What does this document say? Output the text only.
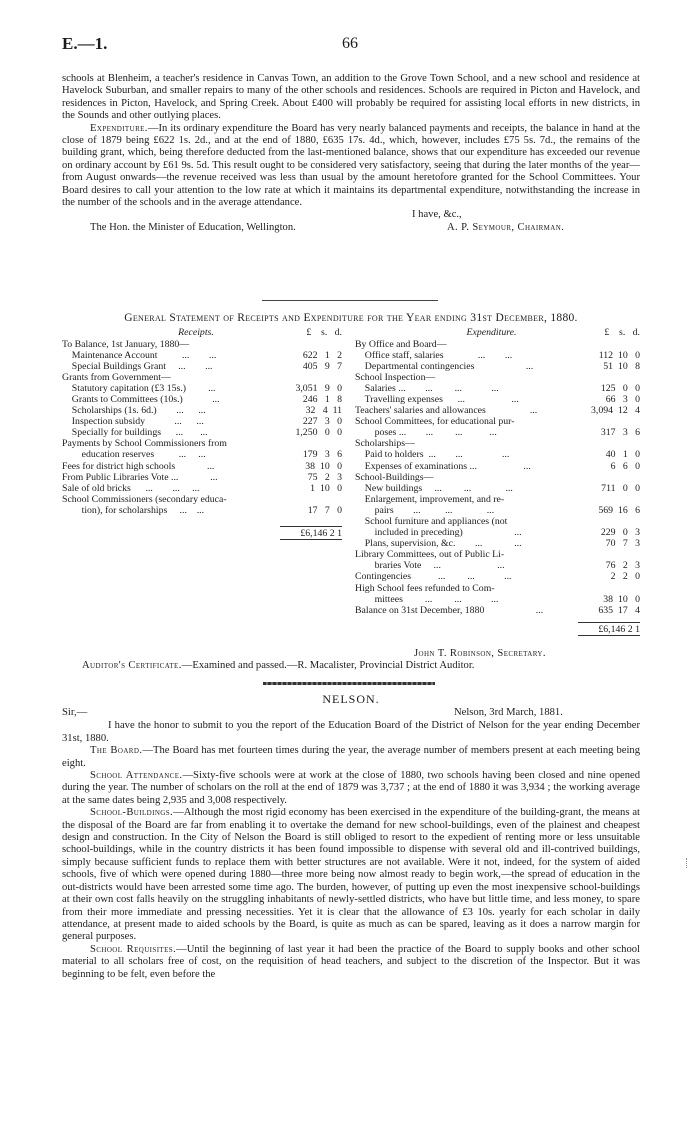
E.—1.	66

schools at Blenheim, a teacher's residence in Canvas Town, an addition to the Grove Town School, and a new school and residence at Havelock Suburban, and smaller repairs to many of the other schools and residences. Schools are required in Picton and Havelock, and residences in Picton, Havelock, and Spring Creek. About £400 will probably be required for assisting local efforts in new districts, in the Sounds and other outlying places.

Expenditure.—In its ordinary expenditure the Board has very nearly balanced payments and receipts, the balance in hand at the close of 1879 being £622 1s. 2d., and at the end of 1880, £635 17s. 4d., which, however, includes £75 5s. 7d., the remains of the building grant, which, being therefore deducted from the last-mentioned balance, shows that our expenditure has exceeded our revenue on ordinary account by £61 9s. 5d. This result ought to be considered very satisfactory, seeing that during the later months of the year—from August onwards—the revenue received was less than usual by the amount heretofore granted for the School Committees. Your Board desires to call your attention to the low rate at which it maintains its departmental expenditure, notwithstanding the increase in the number of the schools and in the average attendance.

I have, &c.,
The Hon. the Minister of Education, Wellington.	A. P. Seymour, Chairman.
General Statement of Receipts and Expenditure for the Year ending 31st December, 1880.
Receipts.	£    s.   d.
To Balance, 1st January, 1880—
Maintenance Account          ...        ...	622   1   2
Special Buildings Grant     ...        ...	405   9   7
Grants from Government—
Statutory capitation (£3 15s.)         ...	3,051   9   0
Grants to Committees (10s.)            ...	246   1   8
Scholarships (1s. 6d.)        ...      ...	32   4  11
Inspection subsidy            ...      ...	227   3   0
Specially for buildings      ...       ...	1,250   0   0
Payments by School Commissioners from
education reserves          ...     ...	179   3   6
Fees for district high schools             ...	38  10   0
From Public Libraries Vote ...             ...	75   2   3
Sale of old bricks      ...        ...     ...	1  10   0
School Commissioners (secondary educa-
tion), for scholarships     ...    ...	17   7   0
£6,146 2 1
Expenditure.	£    s.   d.
By Office and Board—
Office staff, salaries              ...        ...	112  10   0
Departmental contingencies                     ...	51  10   8
School Inspection—
Salaries ...        ...         ...            ...	125   0   0
Travelling expenses      ...                   ...	66   3   0
Teachers' salaries and allowances                  ...	3,094  12   4
School Committees, for educational pur-
poses ...        ...         ...           ...	317   3   6
Scholarships—
Paid to holders  ...        ...                ...	40   1   0
Expenses of examinations ...                   ...	6   6   0
School-Buildings—
New buildings     ...         ...              ...	711   0   0
Enlargement, improvement, and re-
pairs        ...          ...              ...	569  16   6
School furniture and appliances (not
included in preceding)                     ...	229   0   3
Plans, supervision, &c.        ...             ...	70   7   3
Library Committees, out of Public Li-
braries Vote     ...                       ...	76   2   3
Contingencies           ...         ...            ...	2   2   0
High School fees refunded to Com-
mittees         ...         ...            ...	38  10   0
Balance on 31st December, 1880                     ...	635  17   4
£6,146 2 1
John T. Robinson, Secretary.
Auditor's Certificate.—Examined and passed.—R. Macalister, Provincial District Auditor.
NELSON.
Sir,—	Nelson, 3rd March, 1881.

I have the honor to submit to you the report of the Education Board of the District of Nelson for the year ending December 31st, 1880.

The Board.—The Board has met fourteen times during the year, the average number of members present at each meeting being eight.

School Attendance.—Sixty-five schools were at work at the close of 1880, two schools having been closed and nine opened during the year. The number of scholars on the roll at the end of 1879 was 3,737 ; at the end of 1880 it was 3,934 ; the working average at the same dates being 2,935 and 3,008 respectively.

School-Buildings.—Although the most rigid economy has been exercised in the expenditure of the building-grant, the means at the disposal of the Board are far from enabling it to overtake the demand for new school-buildings, even of the plainest and cheapest design and construction. In the City of Nelson the Board is still obliged to resort to the expedient of renting more or less unsuitable school-buildings, while in the country districts it has been found impossible to dispense with several old and ill-contrived buildings, simply because sufficient funds to replace them with better structures are not available. Were it not, indeed, for the system of aided schools, five of which were opened during 1880—three more being now almost ready to begin work,—the spread of education in the out-districts would have been arrested some time ago. The burden, however, of putting up even the most inexpensive school-buildings at their own cost falls heavily on the struggling inhabitants of newly-settled districts, who have but little time, and less money, to spare from their more immediate and pressing necessities. Yet it is clear that the allowance of £3 10s. yearly for each scholar in daily attendance, at present made to aided schools by the Board, is quite as much as can be spared, leaving as it does a narrow margin for general purposes.

School Requisites.—Until the beginning of last year it had been the practice of the Board to supply books and other school material to all scholars free of cost, on the requisition of head teachers, and subject to the discretion of the Inspector. But it was beginning to be felt, even before the
